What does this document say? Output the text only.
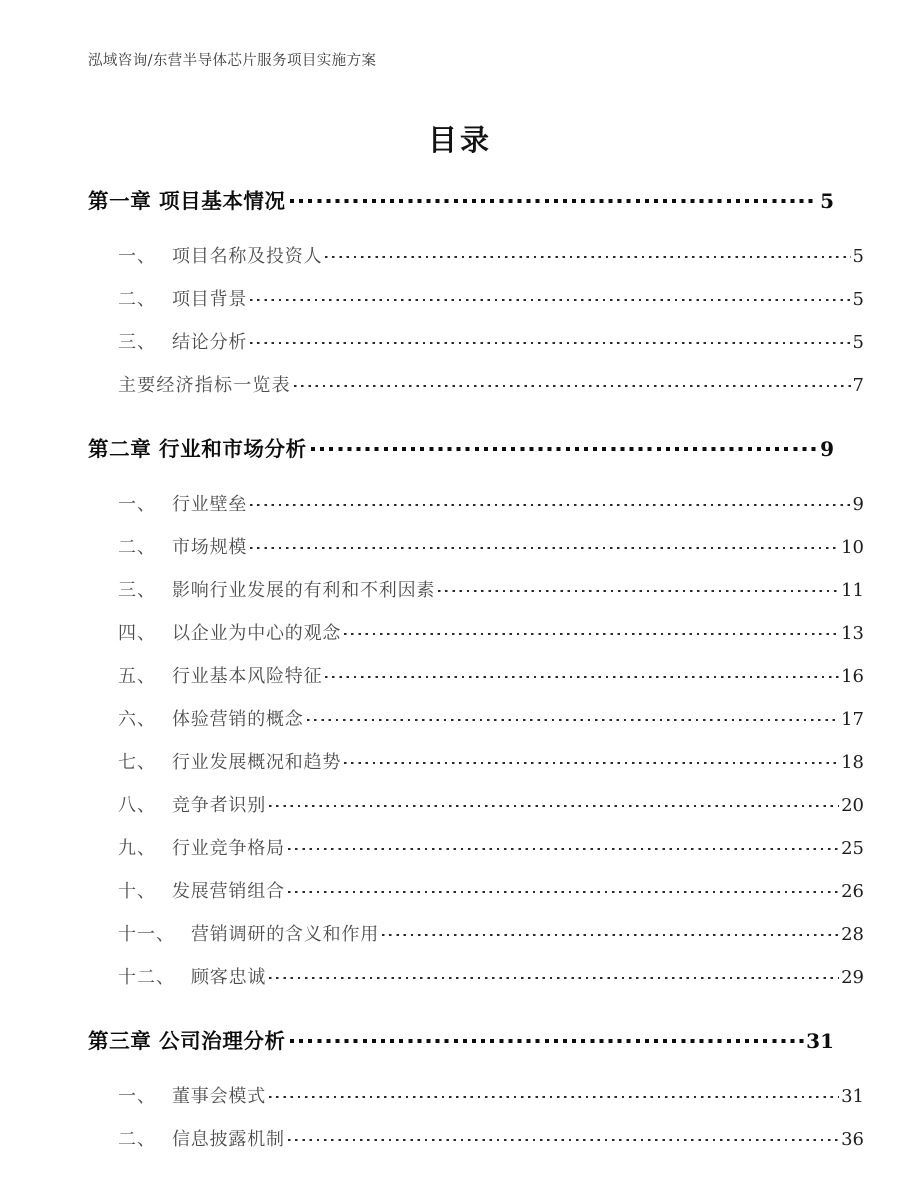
泓域咨询/东营半导体芯片服务项目实施方案
目录
第一章 项目基本情况	5
一、 项目名称及投资人	5
二、 项目背景	5
三、 结论分析	5
主要经济指标一览表	7
第二章 行业和市场分析	9
一、 行业壁垒	9
二、 市场规模	10
三、 影响行业发展的有利和不利因素	11
四、 以企业为中心的观念	13
五、 行业基本风险特征	16
六、 体验营销的概念	17
七、 行业发展概况和趋势	18
八、 竞争者识别	20
九、 行业竞争格局	25
十、 发展营销组合	26
十一、 营销调研的含义和作用	28
十二、 顾客忠诚	29
第三章 公司治理分析	31
一、 董事会模式	31
二、 信息披露机制	36
